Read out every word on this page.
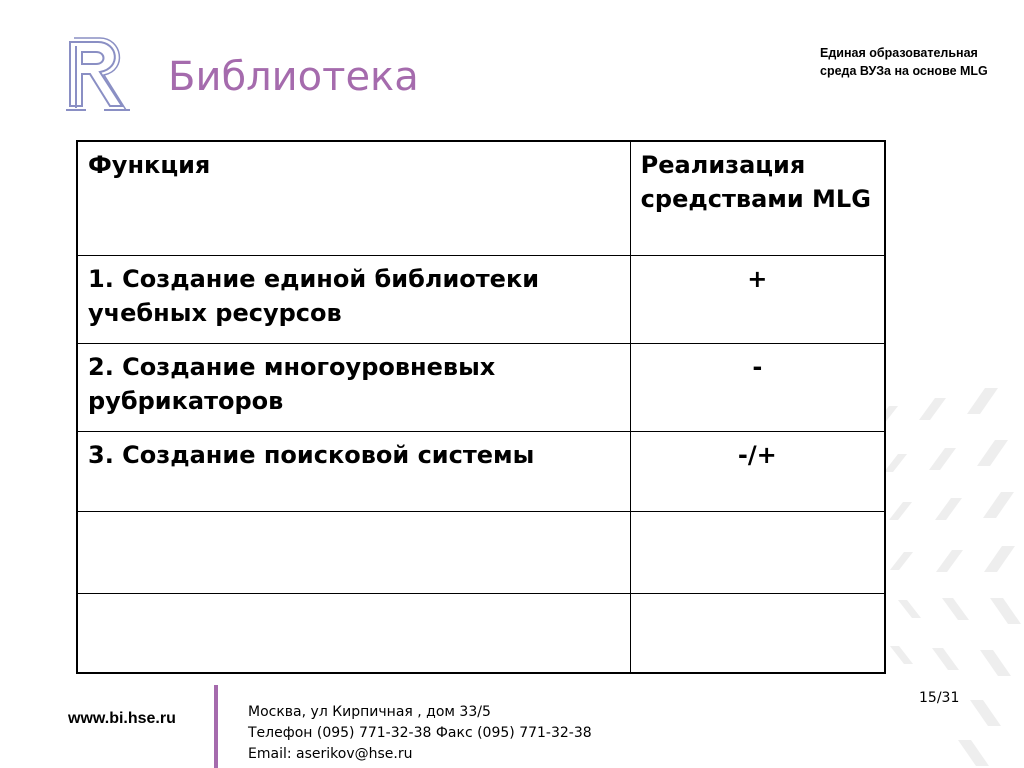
Библиотека
Единая образовательная
среда ВУЗа на основе MLG
Функция	Реализация средствами MLG
1. Создание единой библиотеки учебных ресурсов	+
2. Создание многоуровневых рубрикаторов	-
3. Создание поисковой системы	-/+

www.bi.hse.ru	Москва, ул Кирпичная , дом 33/5
Телефон (095) 771-32-38 Факс (095) 771-32-38
Email: aserikov@hse.ru
15/31
